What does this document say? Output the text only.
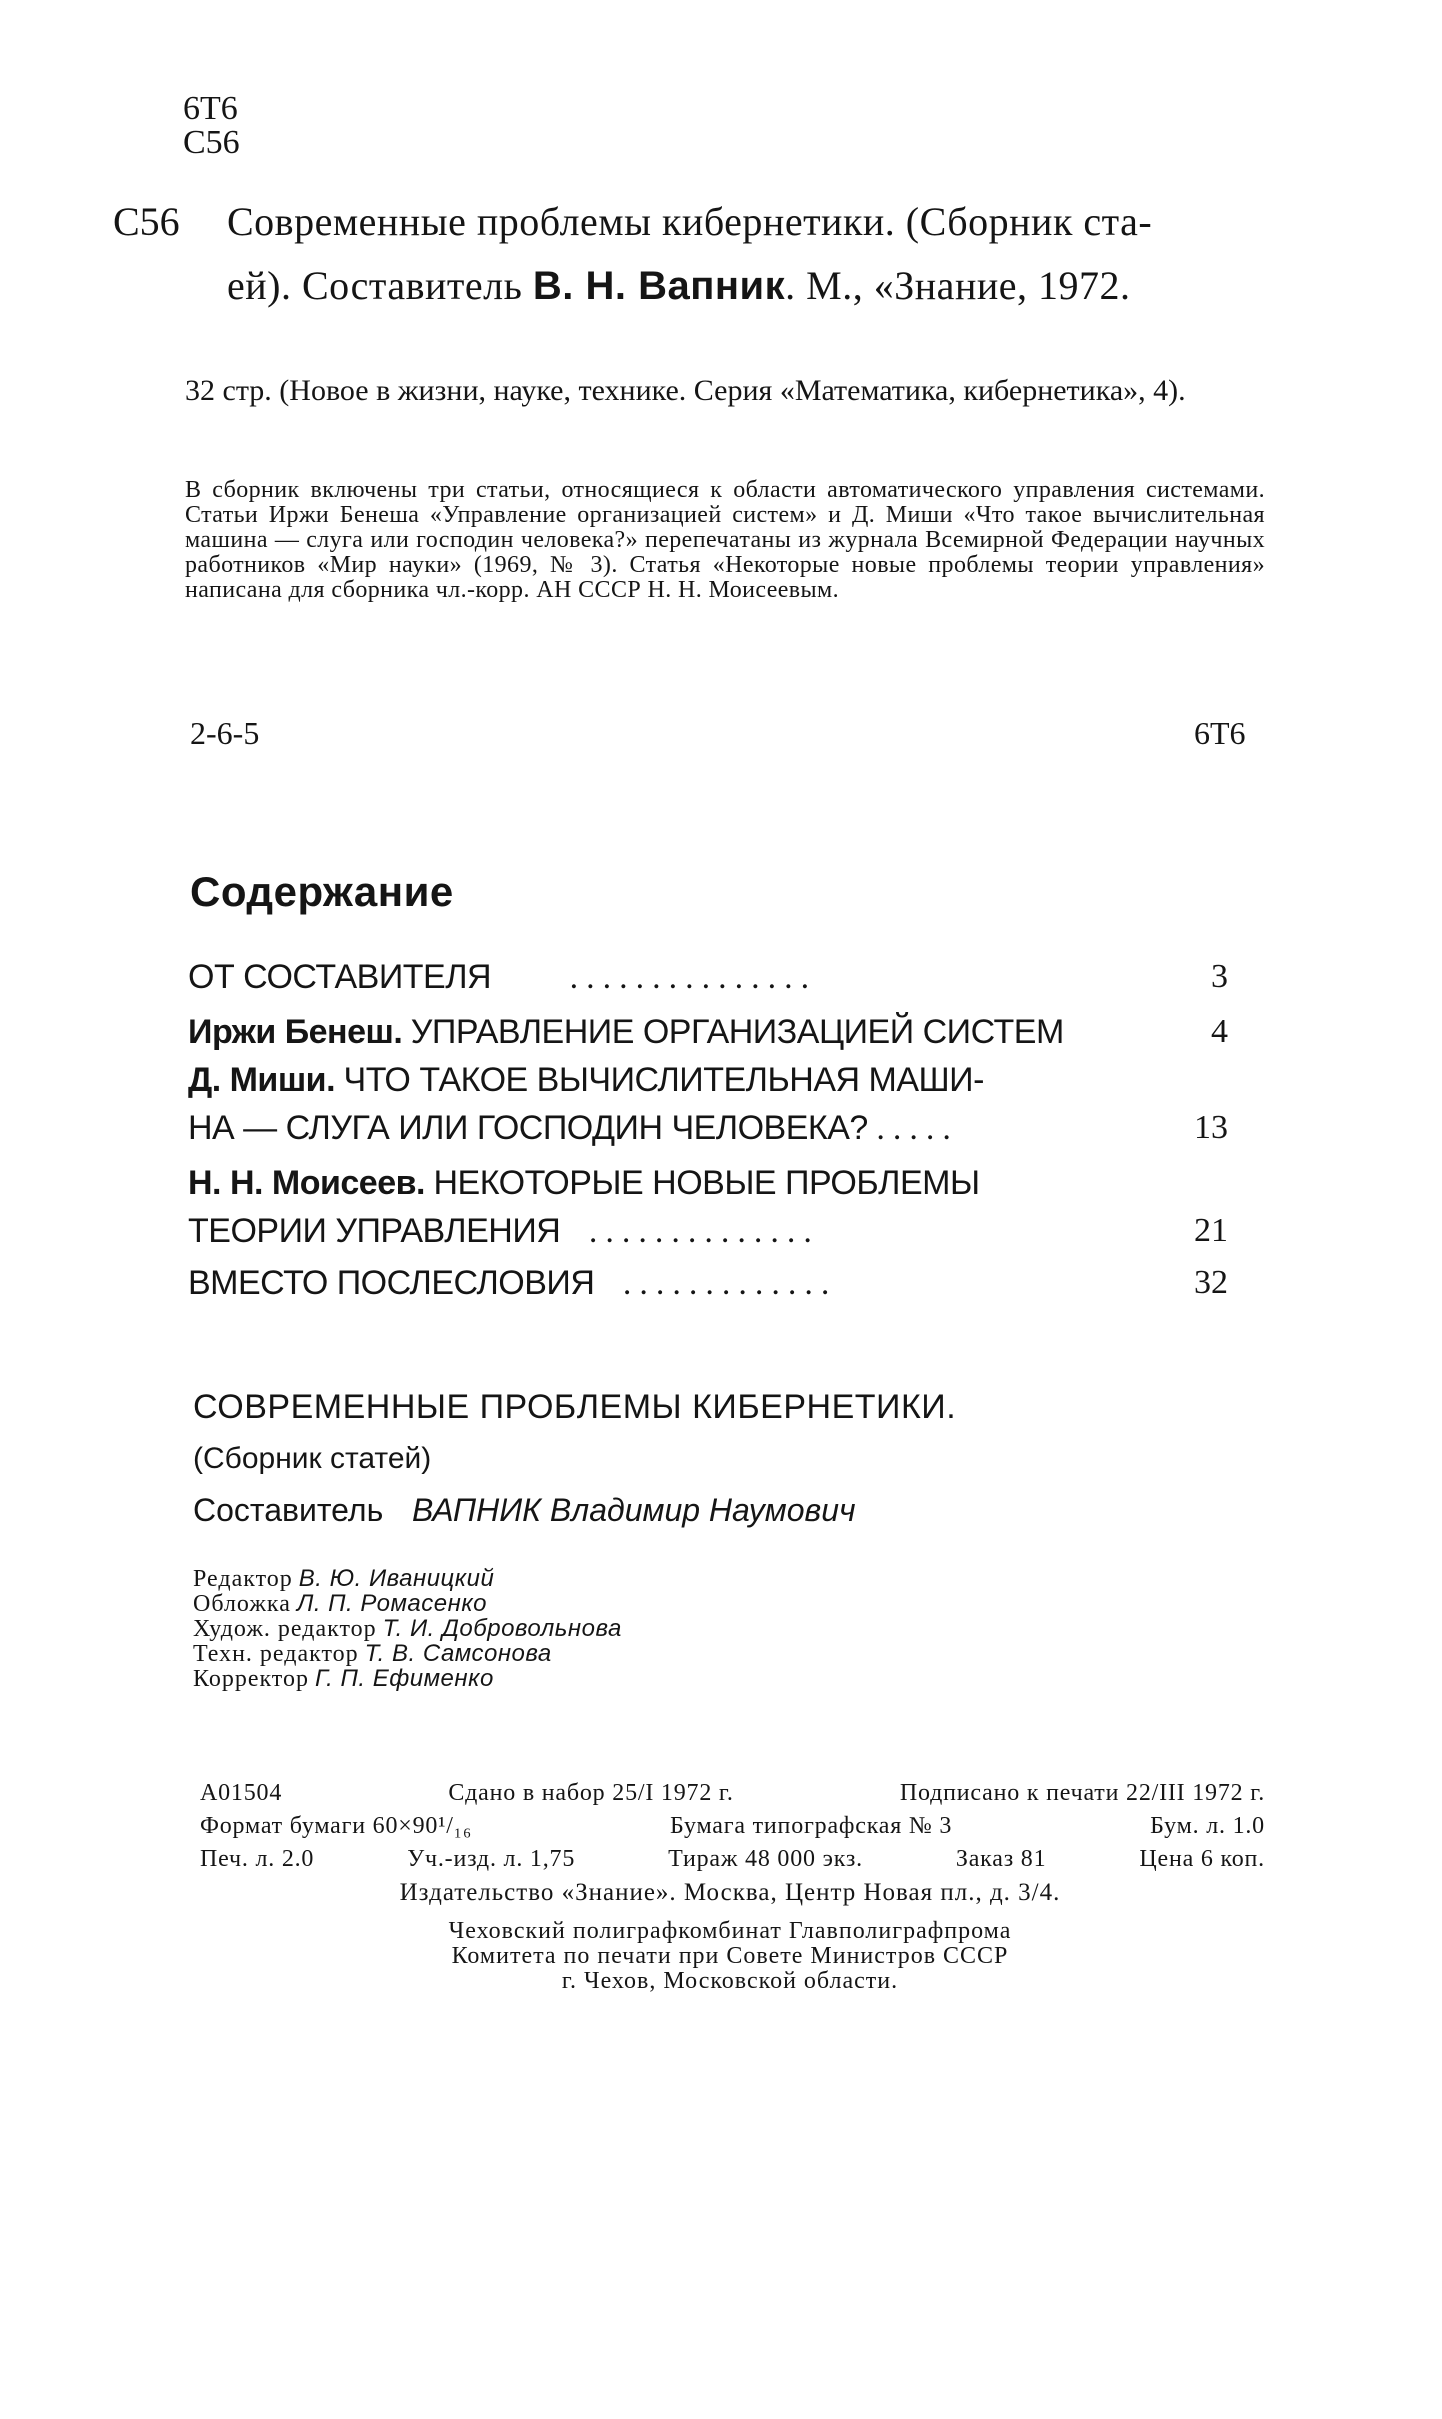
6Т6
С56
С56 Современные проблемы кибернетики. (Сборник ста-
ей). Составитель В. Н. Вапник. М., «Знание, 1972.
32 стр. (Новое в жизни, науке, технике. Серия «Математика, кибернетика», 4).
В сборник включены три статьи, относящиеся к области автоматического управления системами. Статьи Иржи Бенеша «Управление организацией систем» и Д. Миши «Что такое вычислительная машина — слуга или господин человека?» перепечатаны из журнала Всемирной Федерации научных работников «Мир науки» (1969, № 3). Статья «Некоторые новые проблемы теории управления» написана для сборника чл.-корр. АН СССР Н. Н. Моисеевым.
2-6-5	6Т6
Содержание
ОТ СОСТАВИТЕЛЯ ...............	3
Иржи Бенеш. УПРАВЛЕНИЕ ОРГАНИЗАЦИЕЙ СИСТЕМ	4
Д. Миши. ЧТО ТАКОЕ ВЫЧИСЛИТЕЛЬНАЯ МАШИ-
НА — СЛУГА ИЛИ ГОСПОДИН ЧЕЛОВЕКА? .....	13
Н. Н. Моисеев. НЕКОТОРЫЕ НОВЫЕ ПРОБЛЕМЫ
ТЕОРИИ УПРАВЛЕНИЯ ..............	21
ВМЕСТО ПОСЛЕСЛОВИЯ .............	32
СОВРЕМЕННЫЕ ПРОБЛЕМЫ КИБЕРНЕТИКИ.
(Сборник статей)
Составитель ВАПНИК Владимир Наумович
Редактор В. Ю. Иваницкий
Обложка Л. П. Ромасенко
Худож. редактор Т. И. Добровольнова
Техн. редактор Т. В. Самсонова
Корректор Г. П. Ефименко
А01504	Сдано в набор 25/I 1972 г.	Подписано к печати 22/III 1972 г.
Формат бумаги 60×90¹/₁₆	Бумага типографская № 3	Бум. л. 1.0
Печ. л. 2.0	Уч.-изд. л. 1,75	Тираж 48 000 экз.	Заказ 81	Цена 6 коп.
Издательство «Знание». Москва, Центр Новая пл., д. 3/4.
Чеховский полиграфкомбинат Главполиграфпрома
Комитета по печати при Совете Министров СССР
г. Чехов, Московской области.
